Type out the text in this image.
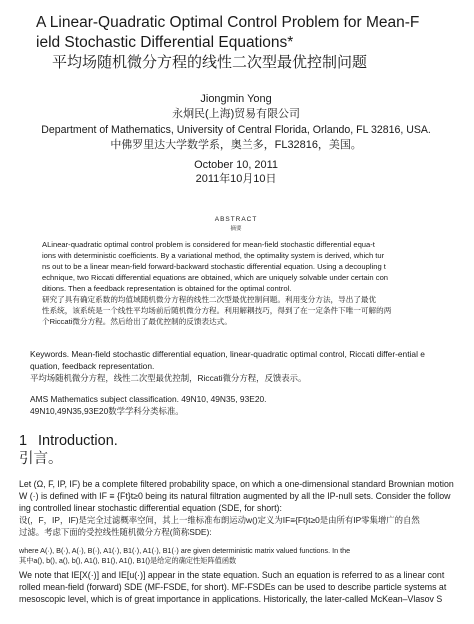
A Linear-Quadratic Optimal Control Problem for Mean-F
ield Stochastic Differential Equations*
平均场随机微分方程的线性二次型最优控制问题
Jiongmin Yong
永炯民(上海)贸易有限公司
Department of Mathematics, University of Central Florida, Orlando, FL 32816, USA.
中佛罗里达大学数学系，奥兰多，FL32816，美国。
October 10, 2011
2011年10月10日
ABSTRACT
摘要
ALinear-quadratic optimal control problem is considered for mean-field stochastic differential equa-t
ions with deterministic coefficients. By a variational method, the optimality system is derived, which tur
ns out to be a linear mean-field forward-backward stochastic differential equation. Using a decoupling t
echnique, two Riccati differential equations are obtained, which are uniquely solvable under certain con
ditions. Then a feedback representation is obtained for the optimal control.
研究了具有确定系数的均值域随机微分方程的线性二次型最优控制问题。利用变分方法，导出了最优
性系统，该系统是一个线性平均场前后随机微分方程。利用解耦技巧，得到了在一定条件下唯一可解的两
个Riccati微分方程。然后给出了最优控制的反馈表达式。
Keywords. Mean-field stochastic differential equation, linear-quadratic optimal control, Riccati differ-ential e
quation, feedback representation.
平均场随机微分方程，线性二次型最优控制，Riccati微分方程，反馈表示。
AMS Mathematics subject classification. 49N10, 49N35, 93E20.
49N10,49N35,93E20数学学科分类标准。
1 Introduction.
引言。
Let (Ω, F, IP, IF) be a complete filtered probability space, on which a one-dimensional standard Brownian motion
W (·) is defined with IF ≡ {Ft}t≥0 being its natural filtration augmented by all the IP-null sets. Consider the follow
ing controlled linear stochastic differential equation (SDE, for short):
设(，F，IP，IF)是完全过滤概率空间，其上一维标准布朗运动w()定义为IF≡{Ft}t≥0是由所有IP零集增广的自然
过滤。考虑下面的受控线性随机微分方程(简称SDE):
where A(·), B(·), A(·), B(·), A1(·), B1(·), A1(·), B1(·) are given deterministic matrix valued functions. In the
其中a(), b(), a(), b(), A1(), B1(), A1(), B1()是给定的确定性矩阵值函数
We note that IE[X(·)] and IE[u(·)] appear in the state equation. Such an equation is referred to as a linear cont
rolled mean-field (forward) SDE (MF-FSDE, for short). MF-FSDEs can be used to describe particle systems at
mesoscopic level, which is of great importance in applications. Historically, the later-called McKean–Vlasov S
